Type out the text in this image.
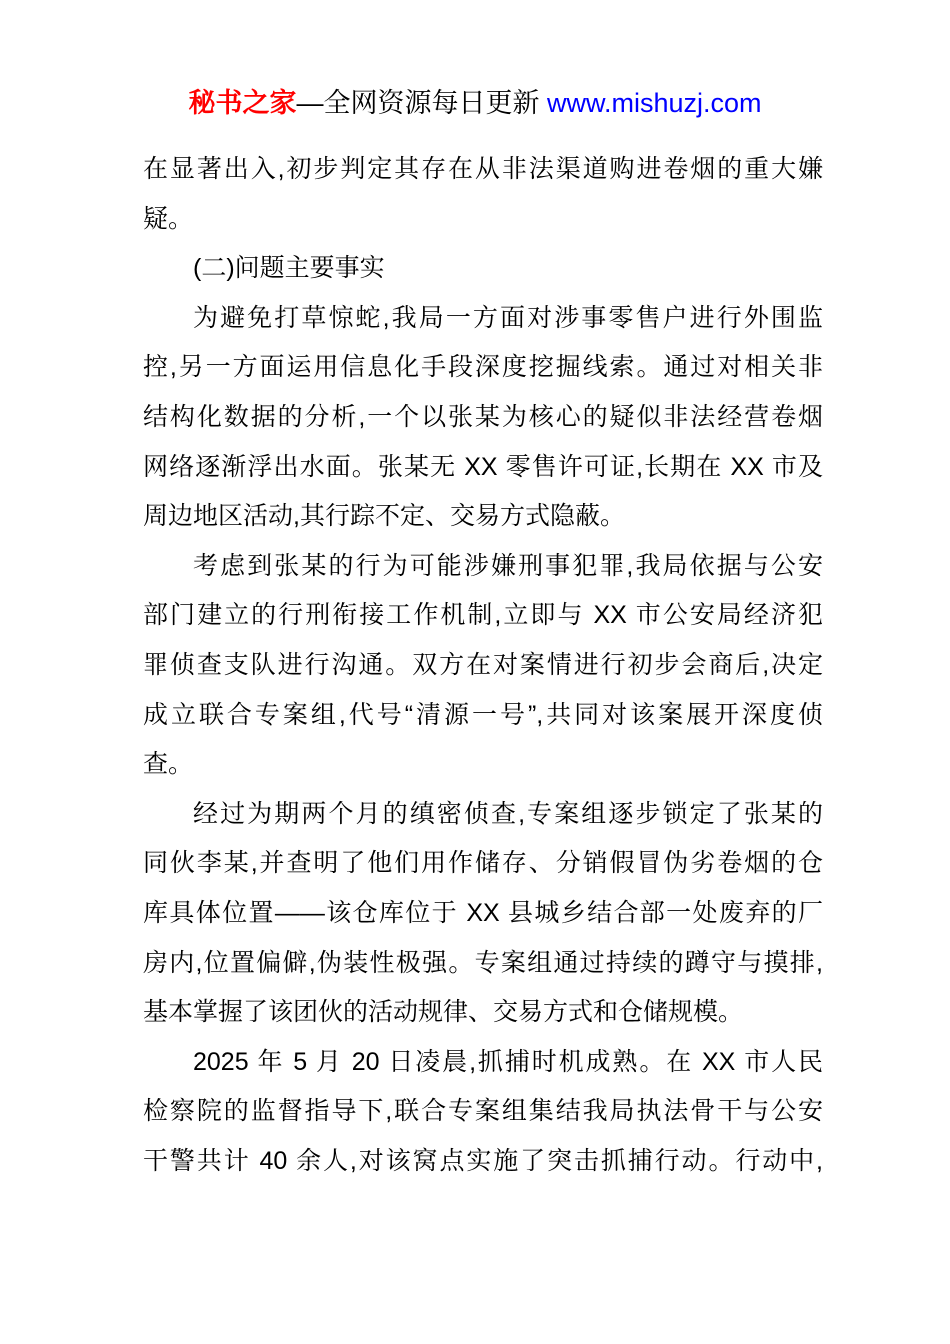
秘书之家—全网资源每日更新 www.mishuzj.com
在显著出入,初步判定其存在从非法渠道购进卷烟的重大嫌
疑。
(二)问题主要事实
为避免打草惊蛇,我局一方面对涉事零售户进行外围监
控,另一方面运用信息化手段深度挖掘线索。通过对相关非
结构化数据的分析,一个以张某为核心的疑似非法经营卷烟
网络逐渐浮出水面。张某无 XX 零售许可证,长期在 XX 市及
周边地区活动,其行踪不定、交易方式隐蔽。
考虑到张某的行为可能涉嫌刑事犯罪,我局依据与公安
部门建立的行刑衔接工作机制,立即与 XX 市公安局经济犯
罪侦查支队进行沟通。双方在对案情进行初步会商后,决定
成立联合专案组,代号“清源一号”,共同对该案展开深度侦
查。
经过为期两个月的缜密侦查,专案组逐步锁定了张某的
同伙李某,并查明了他们用作储存、分销假冒伪劣卷烟的仓
库具体位置——该仓库位于 XX 县城乡结合部一处废弃的厂
房内,位置偏僻,伪装性极强。专案组通过持续的蹲守与摸排,
基本掌握了该团伙的活动规律、交易方式和仓储规模。
2025 年 5 月 20 日凌晨,抓捕时机成熟。在 XX 市人民
检察院的监督指导下,联合专案组集结我局执法骨干与公安
干警共计 40 余人,对该窝点实施了突击抓捕行动。行动中,
